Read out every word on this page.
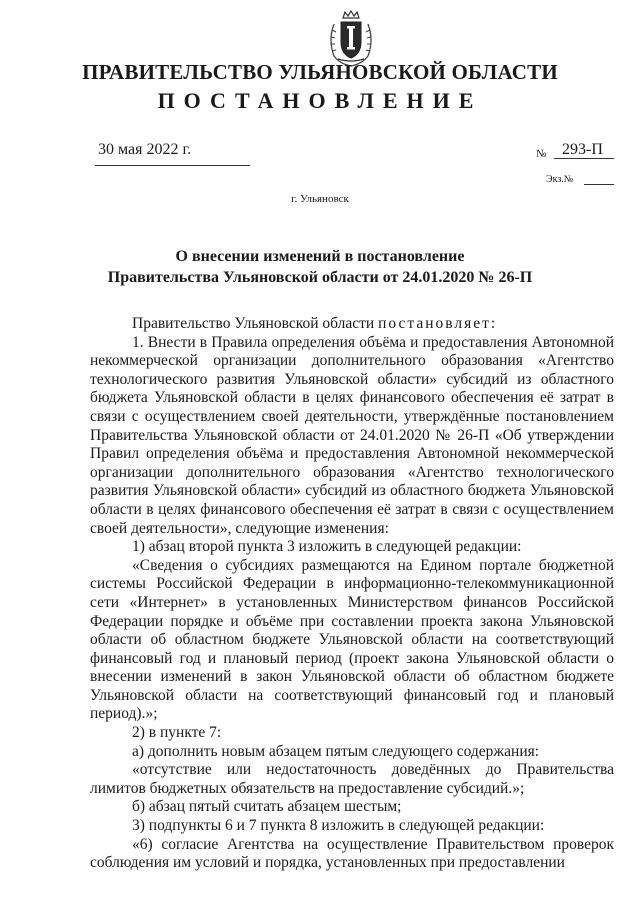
ПРАВИТЕЛЬСТВО УЛЬЯНОВСКОЙ ОБЛАСТИ
ПОСТАНОВЛЕНИЕ
30 мая 2022 г.	№ 293-П
Экз.№
г. Ульяновск
О внесении изменений в постановление
Правительства Ульяновской области от 24.01.2020 № 26-П

Правительство Ульяновской области постановляет:

1. Внести в Правила определения объёма и предоставления Автономной некоммерческой организации дополнительного образования «Агентство технологического развития Ульяновской области» субсидий из областного бюджета Ульяновской области в целях финансового обеспечения её затрат в связи с осуществлением своей деятельности, утверждённые постановлением Правительства Ульяновской области от 24.01.2020 № 26-П «Об утверждении Правил определения объёма и предоставления Автономной некоммерческой организации дополнительного образования «Агентство технологического развития Ульяновской области» субсидий из областного бюджета Ульяновской области в целях финансового обеспечения её затрат в связи с осуществлением своей деятельности», следующие изменения:

1) абзац второй пункта 3 изложить в следующей редакции:

«Сведения о субсидиях размещаются на Едином портале бюджетной системы Российской Федерации в информационно-телекоммуникационной сети «Интернет» в установленных Министерством финансов Российской Федерации порядке и объёме при составлении проекта закона Ульяновской области об областном бюджете Ульяновской области на соответствующий финансовый год и плановый период (проект закона Ульяновской области о внесении изменений в закон Ульяновской области об областном бюджете Ульяновской области на соответствующий финансовый год и плановый период).»;

2) в пункте 7:

а) дополнить новым абзацем пятым следующего содержания:

«отсутствие или недостаточность доведённых до Правительства лимитов бюджетных обязательств на предоставление субсидий.»;

б) абзац пятый считать абзацем шестым;

3) подпункты 6 и 7 пункта 8 изложить в следующей редакции:

«6) согласие Агентства на осуществление Правительством проверок соблюдения им условий и порядка, установленных при предоставлении
